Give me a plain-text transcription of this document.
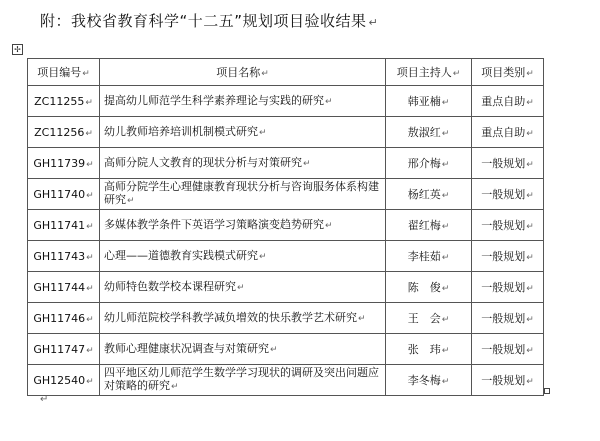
附：我校省教育科学“十二五”规划项目验收结果 ↵
✢
项目编号↵	项目名称↵	项目主持人↵	项目类别↵
ZC11255↵	提高幼儿师范学生科学素养理论与实践的研究↵	韩亚楠↵	重点自助↵
ZC11256↵	幼儿教师培养培训机制模式研究↵	敖淑红↵	重点自助↵
GH11739↵	高师分院人文教育的现状分析与对策研究↵	邢介梅↵	一般规划↵
GH11740↵	高师分院学生心理健康教育现状分析与咨询服务体系构建研究↵	杨红英↵	一般规划↵
GH11741↵	多媒体教学条件下英语学习策略演变趋势研究↵	翟红梅↵	一般规划↵
GH11743↵	心理——道德教育实践模式研究↵	李桂茹↵	一般规划↵
GH11744↵	幼师特色数学校本课程研究↵	陈　俊↵	一般规划↵
GH11746↵	幼儿师范院校学科教学减负增效的快乐教学艺术研究↵	王　会↵	一般规划↵
GH11747↵	教师心理健康状况调查与对策研究↵	张　玮↵	一般规划↵
GH12540↵	四平地区幼儿师范学生数学学习现状的调研及突出问题应对策略的研究↵	李冬梅↵	一般规划↵
↵
